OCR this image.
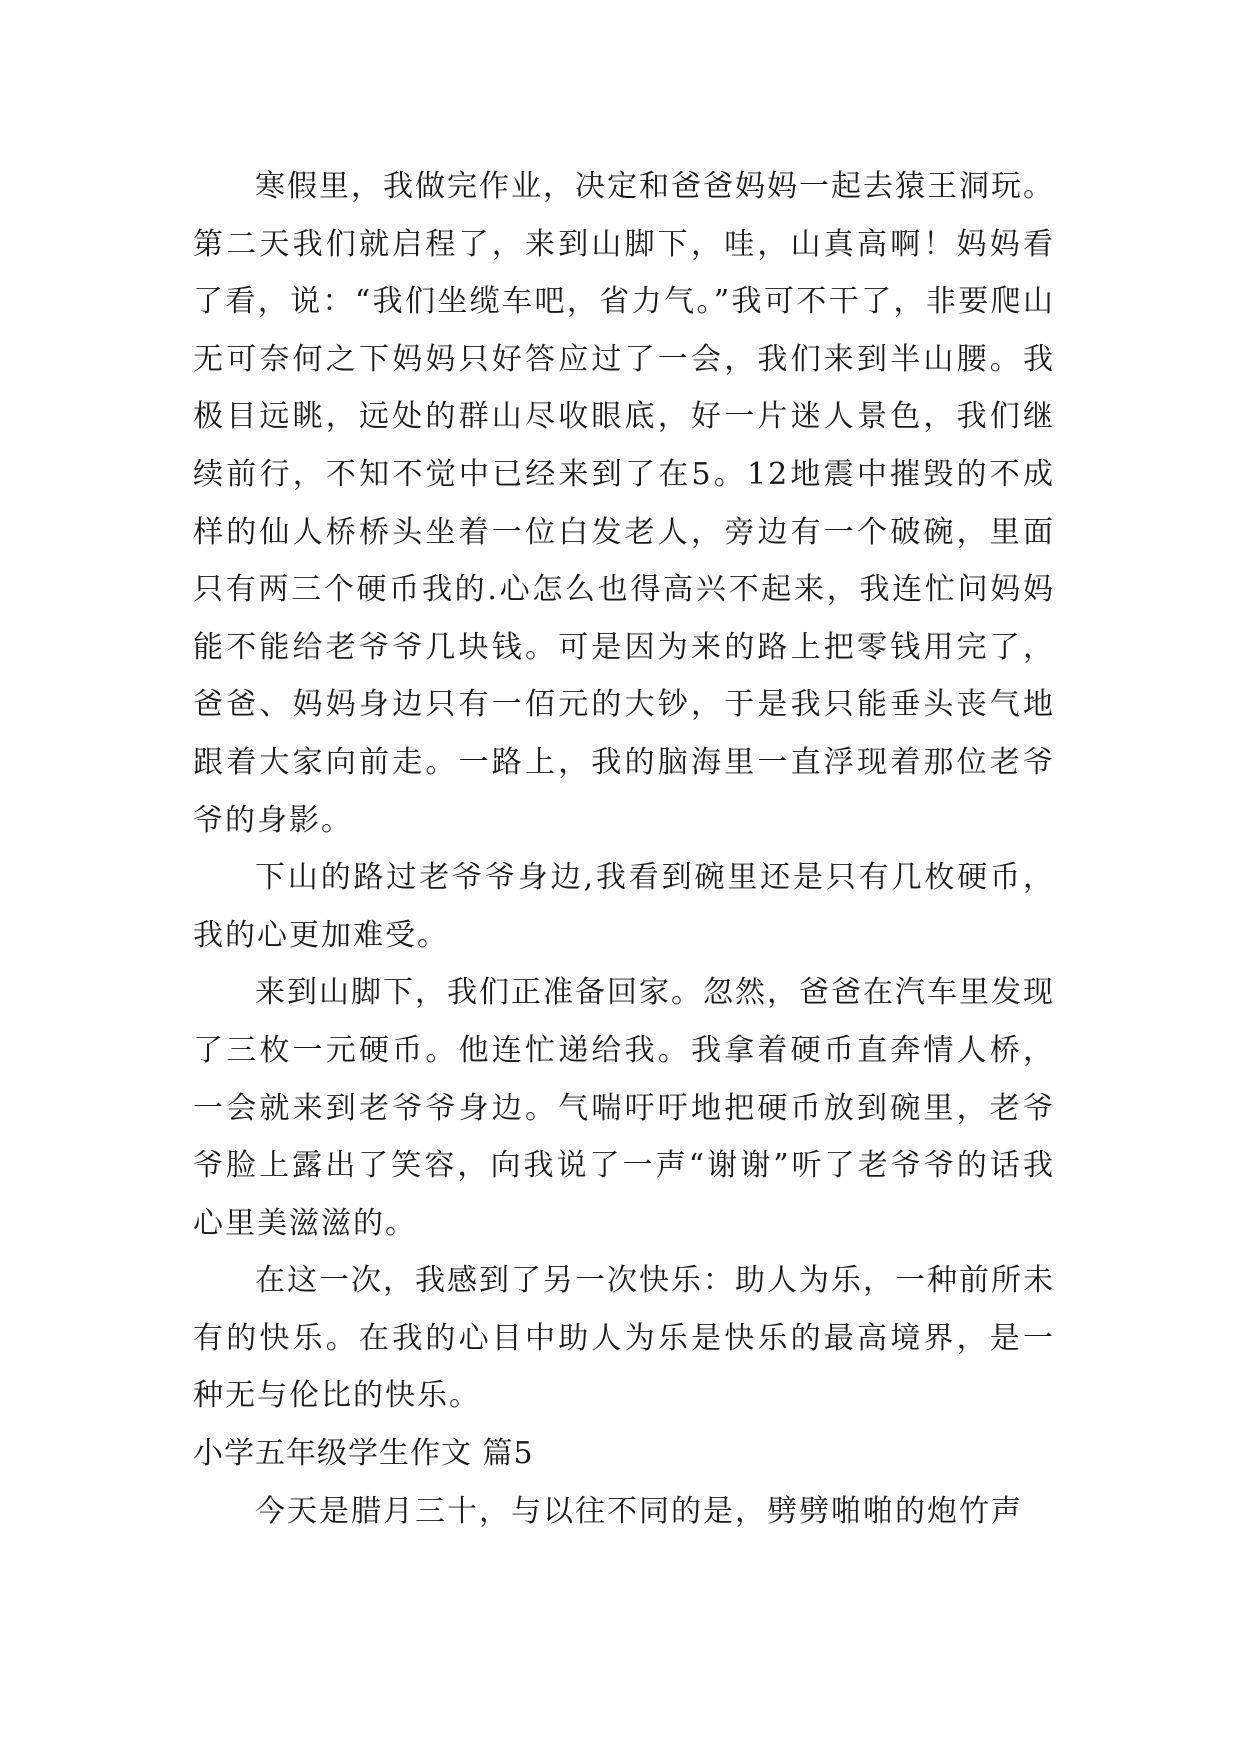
寒假里，我做完作业，决定和爸爸妈妈一起去猿王洞玩。第二天我们就启程了，来到山脚下，哇，山真高啊！妈妈看了看，说：“我们坐缆车吧，省力气。”我可不干了，非要爬山无可奈何之下妈妈只好答应过了一会，我们来到半山腰。我极目远眺，远处的群山尽收眼底，好一片迷人景色，我们继续前行，不知不觉中已经来到了在5。12地震中摧毁的不成样的仙人桥桥头坐着一位白发老人，旁边有一个破碗，里面只有两三个硬币我的.心怎么也得高兴不起来，我连忙问妈妈能不能给老爷爷几块钱。可是因为来的路上把零钱用完了，爸爸、妈妈身边只有一佰元的大钞，于是我只能垂头丧气地跟着大家向前走。一路上，我的脑海里一直浮现着那位老爷爷的身影。

下山的路过老爷爷身边,我看到碗里还是只有几枚硬币，我的心更加难受。

来到山脚下，我们正准备回家。忽然，爸爸在汽车里发现了三枚一元硬币。他连忙递给我。我拿着硬币直奔情人桥，一会就来到老爷爷身边。气喘吁吁地把硬币放到碗里，老爷爷脸上露出了笑容，向我说了一声“谢谢”听了老爷爷的话我心里美滋滋的。

在这一次，我感到了另一次快乐：助人为乐，一种前所未有的快乐。在我的心目中助人为乐是快乐的最高境界，是一种无与伦比的快乐。

小学五年级学生作文 篇5

今天是腊月三十，与以往不同的是，劈劈啪啪的炮竹声
